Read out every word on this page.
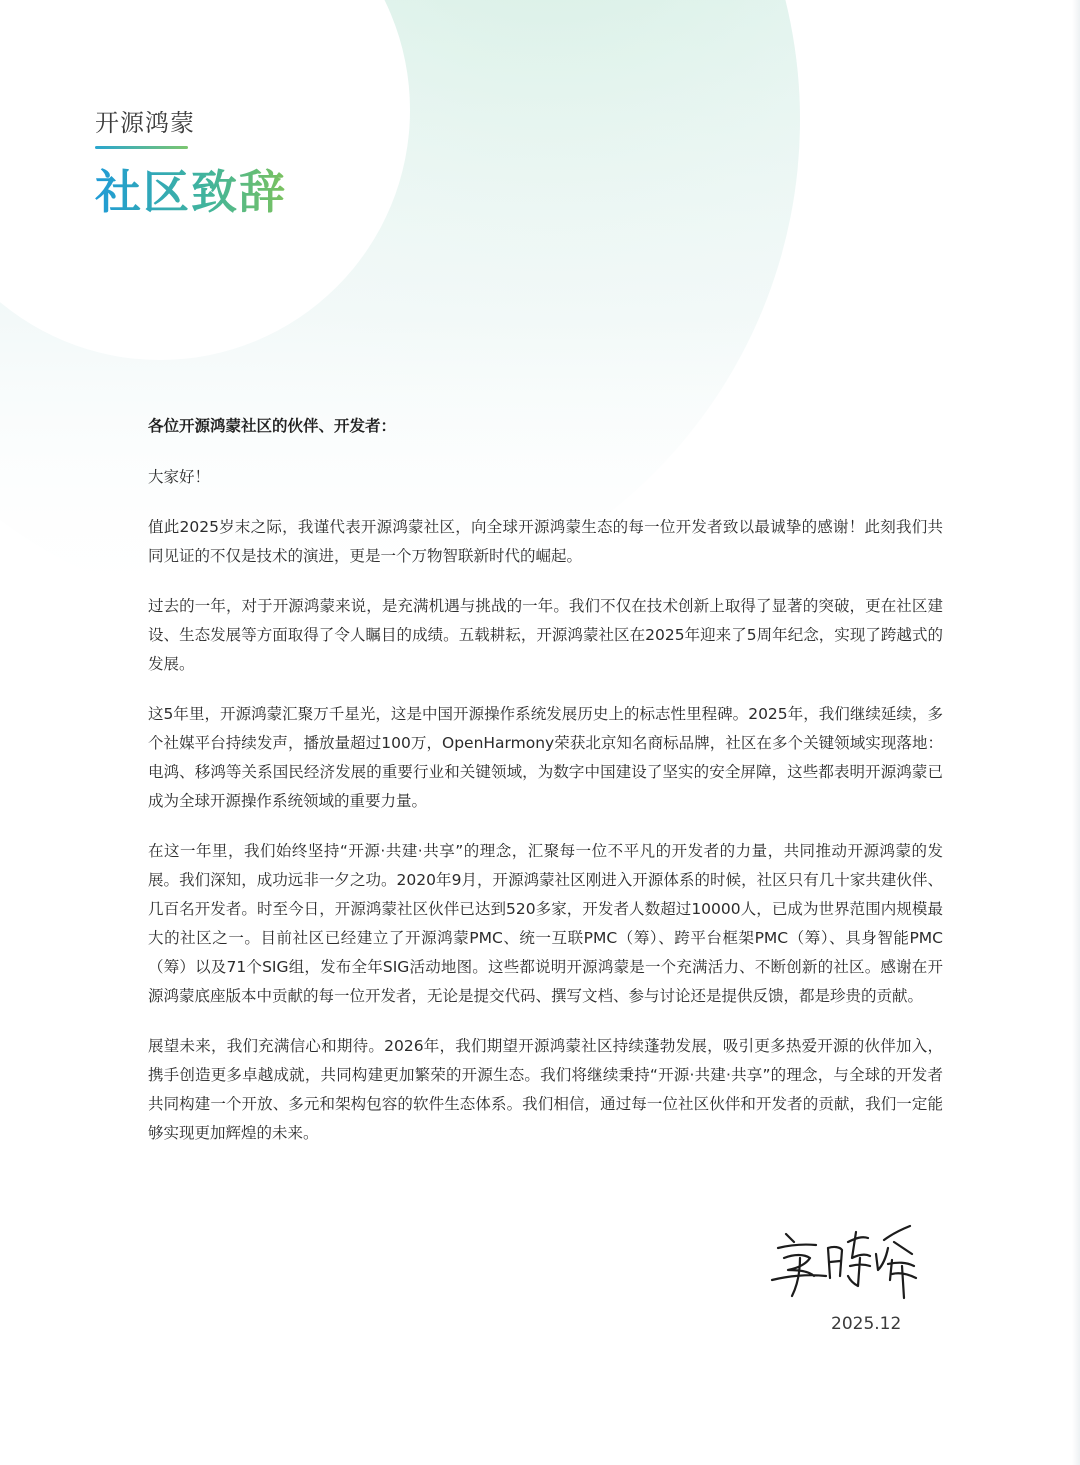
开源鸿蒙

社区致辞

各位开源鸿蒙社区的伙伴、开发者：

大家好！

值此2025岁末之际，我谨代表开源鸿蒙社区，向全球开源鸿蒙生态的每一位开发者致以最诚挚的感谢！此刻我们共同见证的不仅是技术的演进，更是一个万物智联新时代的崛起。

过去的一年，对于开源鸿蒙来说，是充满机遇与挑战的一年。我们不仅在技术创新上取得了显著的突破，更在社区建设、生态发展等方面取得了令人瞩目的成绩。五载耕耘，开源鸿蒙社区在2025年迎来了5周年纪念，实现了跨越式的发展。

这5年里，开源鸿蒙汇聚万千星光，这是中国开源操作系统发展历史上的标志性里程碑。2025年，我们继续延续，多个社媒平台持续发声，播放量超过100万，OpenHarmony荣获北京知名商标品牌，社区在多个关键领域实现落地：电鸿、移鸿等关系国民经济发展的重要行业和关键领域，为数字中国建设了坚实的安全屏障，这些都表明开源鸿蒙已成为全球开源操作系统领域的重要力量。

在这一年里，我们始终坚持“开源·共建·共享”的理念，汇聚每一位不平凡的开发者的力量，共同推动开源鸿蒙的发展。我们深知，成功远非一夕之功。2020年9月，开源鸿蒙社区刚进入开源体系的时候，社区只有几十家共建伙伴、几百名开发者。时至今日，开源鸿蒙社区伙伴已达到520多家，开发者人数超过10000人，已成为世界范围内规模最大的社区之一。目前社区已经建立了开源鸿蒙PMC、统一互联PMC（筹）、跨平台框架PMC（筹）、具身智能PMC（筹）以及71个SIG组，发布全年SIG活动地图。这些都说明开源鸿蒙是一个充满活力、不断创新的社区。感谢在开源鸿蒙底座版本中贡献的每一位开发者，无论是提交代码、撰写文档、参与讨论还是提供反馈，都是珍贵的贡献。

展望未来，我们充满信心和期待。2026年，我们期望开源鸿蒙社区持续蓬勃发展，吸引更多热爱开源的伙伴加入，携手创造更多卓越成就，共同构建更加繁荣的开源生态。我们将继续秉持“开源·共建·共享”的理念，与全球的开发者共同构建一个开放、多元和架构包容的软件生态体系。我们相信，通过每一位社区伙伴和开发者的贡献，我们一定能够实现更加辉煌的未来。

2025.12
